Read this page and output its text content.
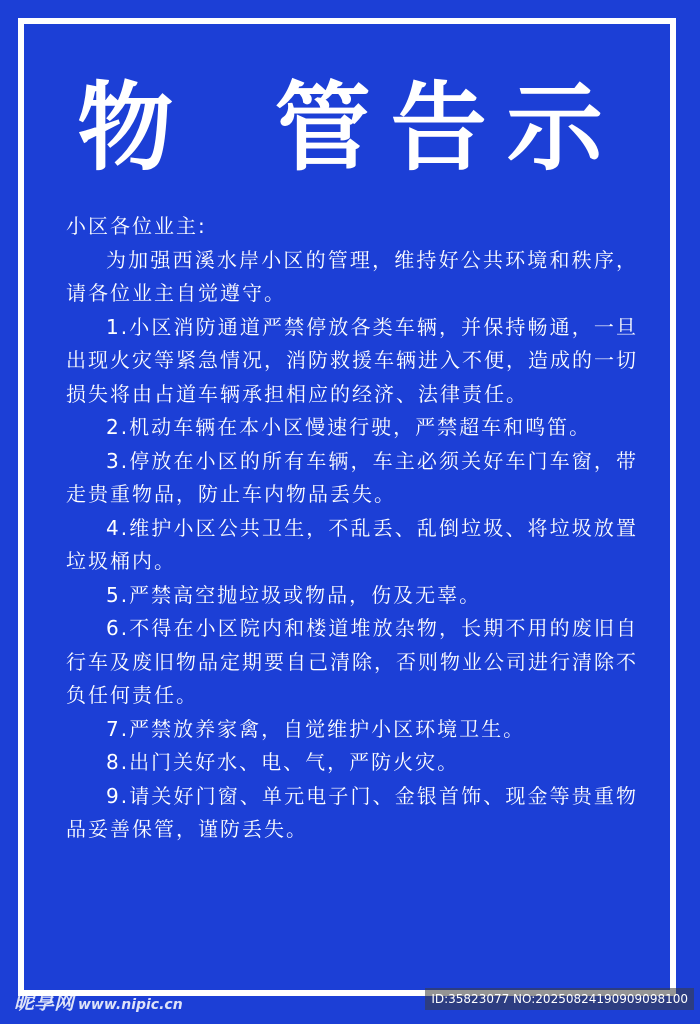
物 管告示

小区各位业主:

为加强西溪水岸小区的管理，维持好公共环境和秩序，请各位业主自觉遵守。

1.小区消防通道严禁停放各类车辆，并保持畅通，一旦出现火灾等紧急情况，消防救援车辆进入不便，造成的一切损失将由占道车辆承担相应的经济、法律责任。

2.机动车辆在本小区慢速行驶，严禁超车和鸣笛。

3.停放在小区的所有车辆，车主必须关好车门车窗，带走贵重物品，防止车内物品丢失。

4.维护小区公共卫生，不乱丢、乱倒垃圾、将垃圾放置垃圾桶内。

5.严禁高空抛垃圾或物品，伤及无辜。

6.不得在小区院内和楼道堆放杂物，长期不用的废旧自行车及废旧物品定期要自己清除，否则物业公司进行清除不负任何责任。

7.严禁放养家禽，自觉维护小区环境卫生。

8.出门关好水、电、气，严防火灾。

9.请关好门窗、单元电子门、金银首饰、现金等贵重物品妥善保管，谨防丢失。

昵享网 www.nipic.cn	ID:35823077 NO:20250824190909098100
